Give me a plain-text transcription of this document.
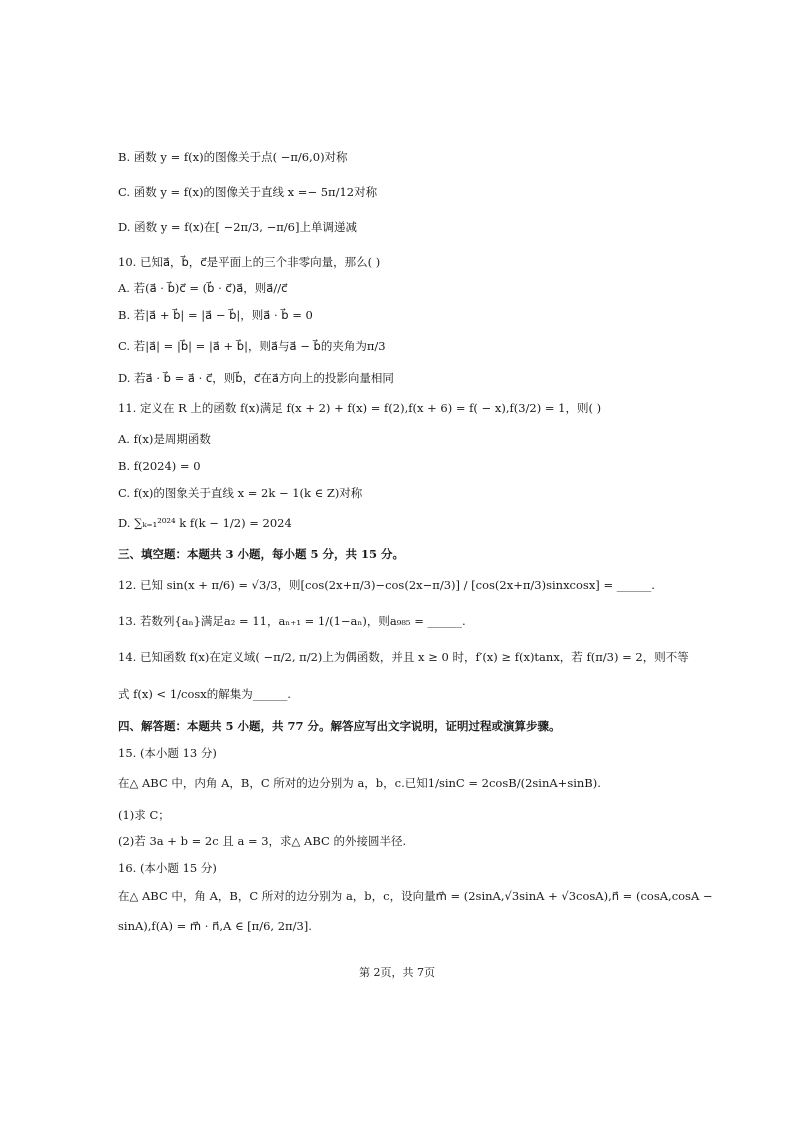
B. 函数 y = f(x)的图像关于点( −π/6,0)对称
C. 函数 y = f(x)的图像关于直线 x =− 5π/12对称
D. 函数 y = f(x)在[ −2π/3, −π/6]上单调递减
10. 已知a⃗，b⃗，c⃗是平面上的三个非零向量，那么( )
A. 若(a⃗ · b⃗)c⃗ = (b⃗ · c⃗)a⃗，则a⃗//c⃗
B. 若|a⃗ + b⃗| = |a⃗ − b⃗|，则a⃗ · b⃗ = 0
C. 若|a⃗| = |b⃗| = |a⃗ + b⃗|，则a⃗与a⃗ − b⃗的夹角为π/3
D. 若a⃗ · b⃗ = a⃗ · c⃗，则b⃗，c⃗在a⃗方向上的投影向量相同
11. 定义在 R 上的函数 f(x)满足 f(x + 2) + f(x) = f(2),f(x + 6) = f( − x),f(3/2) = 1，则( )
A. f(x)是周期函数
B. f(2024) = 0
C. f(x)的图象关于直线 x = 2k − 1(k ∈ Z)对称
D. ∑ₖ₌₁²⁰²⁴ k f(k − 1/2) = 2024
三、填空题：本题共 3 小题，每小题 5 分，共 15 分。
12. 已知 sin(x + π/6) = √3/3，则[cos(2x+π/3)−cos(2x−π/3)] / [cos(2x+π/3)sinxcosx] = ______.
13. 若数列{aₙ}满足a₂ = 11，aₙ₊₁ = 1/(1−aₙ)，则a₉₈₅ = ______.
14. 已知函数 f(x)在定义域( −π/2, π/2)上为偶函数，并且 x ≥ 0 时，f′(x) ≥ f(x)tanx，若 f(π/3) = 2，则不等
式 f(x) < 1/cosx的解集为______.
四、解答题：本题共 5 小题，共 77 分。解答应写出文字说明，证明过程或演算步骤。
15. (本小题 13 分)
在△ ABC 中，内角 A，B，C 所对的边分别为 a，b，c.已知1/sinC = 2cosB/(2sinA+sinB).
(1)求 C；
(2)若 3a + b = 2c 且 a = 3，求△ ABC 的外接圆半径.
16. (本小题 15 分)
在△ ABC 中，角 A，B，C 所对的边分别为 a，b，c，设向量m⃗ = (2sinA,√3sinA + √3cosA),n⃗ = (cosA,cosA −
sinA),f(A) = m⃗ · n⃗,A ∈ [π/6, 2π/3].
第 2页，共 7页
